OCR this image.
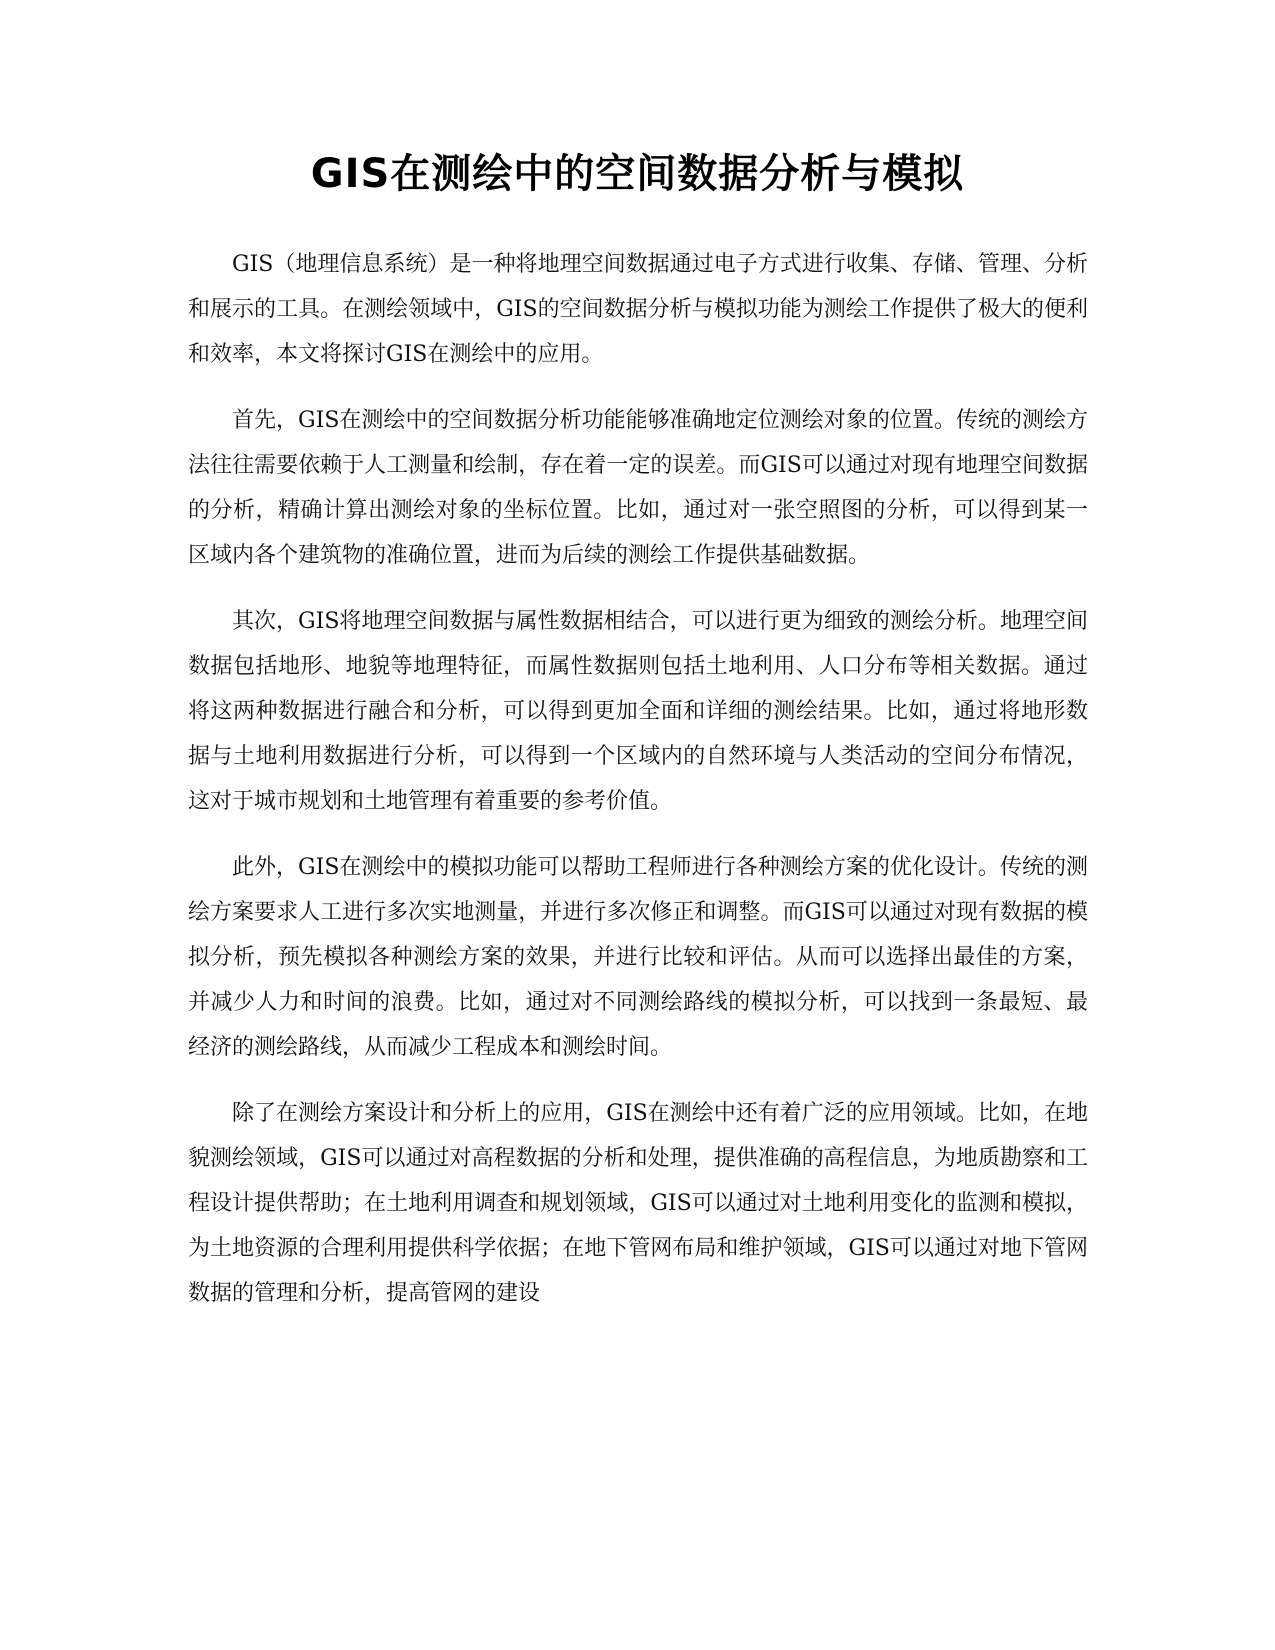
GIS在测绘中的空间数据分析与模拟

GIS（地理信息系统）是一种将地理空间数据通过电子方式进行收集、存储、管理、分析和展示的工具。在测绘领域中，GIS的空间数据分析与模拟功能为测绘工作提供了极大的便利和效率，本文将探讨GIS在测绘中的应用。

首先，GIS在测绘中的空间数据分析功能能够准确地定位测绘对象的位置。传统的测绘方法往往需要依赖于人工测量和绘制，存在着一定的误差。而GIS可以通过对现有地理空间数据的分析，精确计算出测绘对象的坐标位置。比如，通过对一张空照图的分析，可以得到某一区域内各个建筑物的准确位置，进而为后续的测绘工作提供基础数据。

其次，GIS将地理空间数据与属性数据相结合，可以进行更为细致的测绘分析。地理空间数据包括地形、地貌等地理特征，而属性数据则包括土地利用、人口分布等相关数据。通过将这两种数据进行融合和分析，可以得到更加全面和详细的测绘结果。比如，通过将地形数据与土地利用数据进行分析，可以得到一个区域内的自然环境与人类活动的空间分布情况，这对于城市规划和土地管理有着重要的参考价值。

此外，GIS在测绘中的模拟功能可以帮助工程师进行各种测绘方案的优化设计。传统的测绘方案要求人工进行多次实地测量，并进行多次修正和调整。而GIS可以通过对现有数据的模拟分析，预先模拟各种测绘方案的效果，并进行比较和评估。从而可以选择出最佳的方案，并减少人力和时间的浪费。比如，通过对不同测绘路线的模拟分析，可以找到一条最短、最经济的测绘路线，从而减少工程成本和测绘时间。

除了在测绘方案设计和分析上的应用，GIS在测绘中还有着广泛的应用领域。比如，在地貌测绘领域，GIS可以通过对高程数据的分析和处理，提供准确的高程信息，为地质勘察和工程设计提供帮助；在土地利用调查和规划领域，GIS可以通过对土地利用变化的监测和模拟，为土地资源的合理利用提供科学依据；在地下管网布局和维护领域，GIS可以通过对地下管网数据的管理和分析，提高管网的建设
